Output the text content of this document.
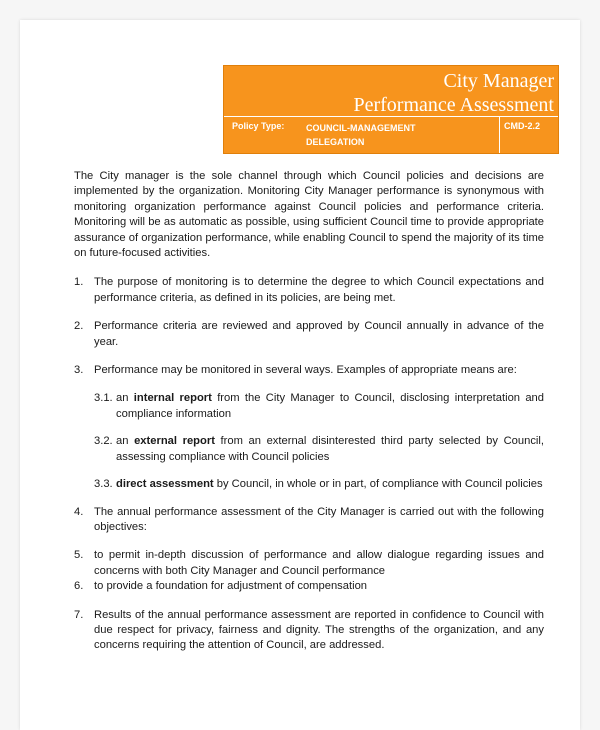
City Manager
Performance Assessment
Policy Type: COUNCIL-MANAGEMENT DELEGATION
CMD-2.2

The City manager is the sole channel through which Council policies and decisions are implemented by the organization. Monitoring City Manager performance is synonymous with monitoring organization performance against Council policies and performance criteria. Monitoring will be as automatic as possible, using sufficient Council time to provide appropriate assurance of organization performance, while enabling Council to spend the majority of its time on future-focused activities.

1. The purpose of monitoring is to determine the degree to which Council expectations and performance criteria, as defined in its policies, are being met.
2. Performance criteria are reviewed and approved by Council annually in advance of the year.
3. Performance may be monitored in several ways. Examples of appropriate means are:
3.1. an internal report from the City Manager to Council, disclosing interpretation and compliance information
3.2. an external report from an external disinterested third party selected by Council, assessing compliance with Council policies
3.3. direct assessment by Council, in whole or in part, of compliance with Council policies
4. The annual performance assessment of the City Manager is carried out with the following objectives:
5. to permit in-depth discussion of performance and allow dialogue regarding issues and concerns with both City Manager and Council performance
6. to provide a foundation for adjustment of compensation
7. Results of the annual performance assessment are reported in confidence to Council with due respect for privacy, fairness and dignity. The strengths of the organization, and any concerns requiring the attention of Council, are addressed.
